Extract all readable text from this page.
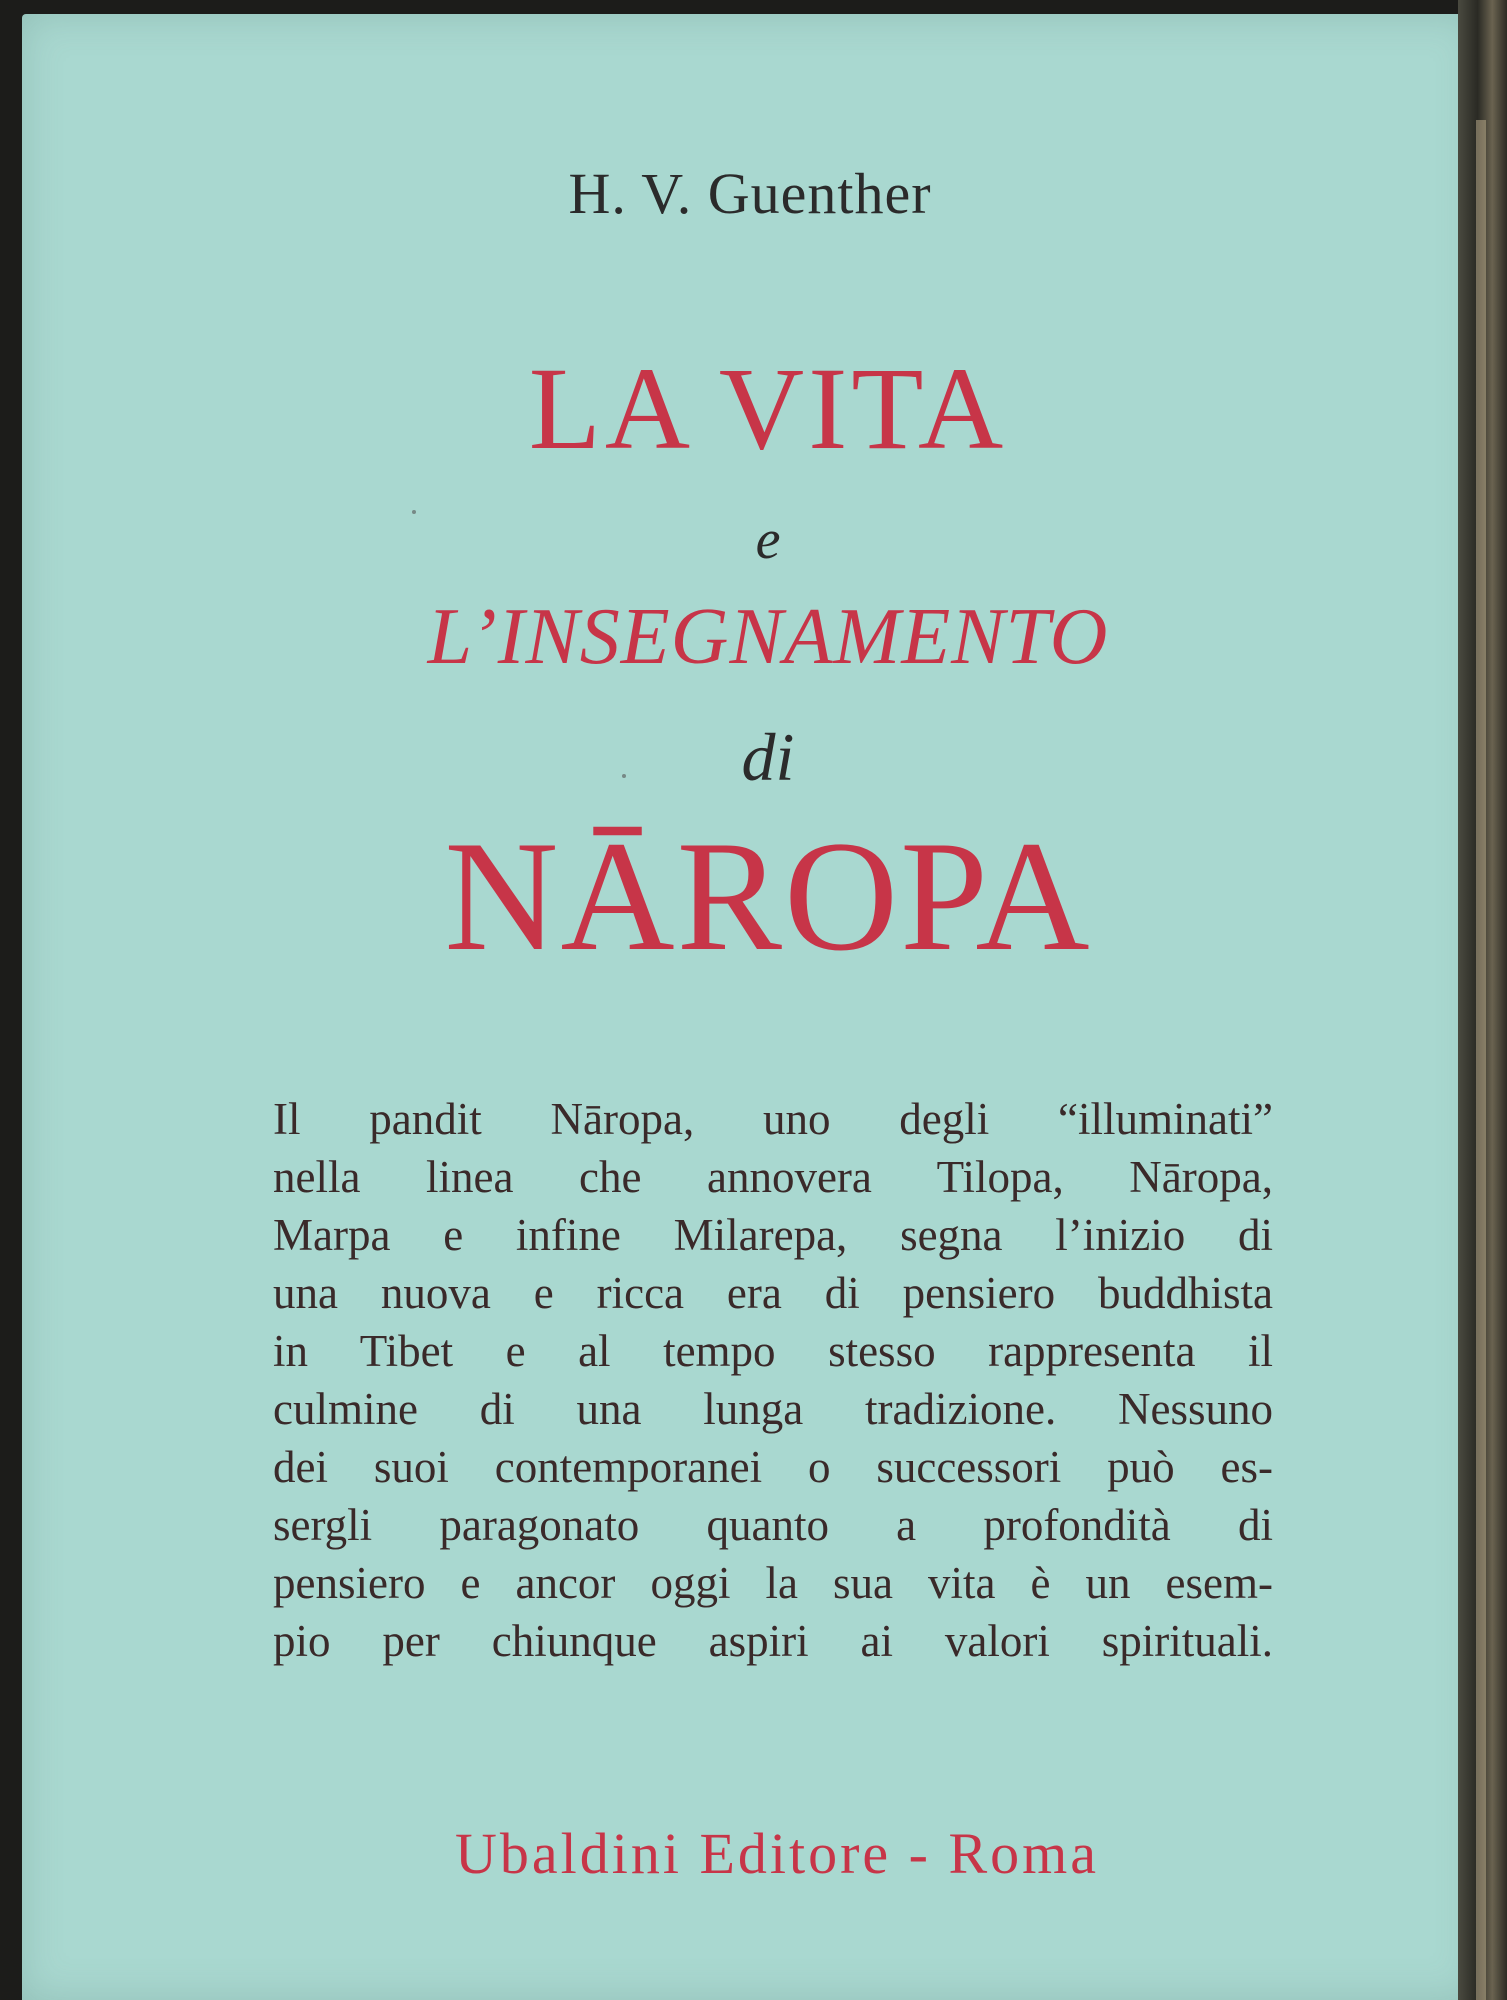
H. V. Guenther
LA VITA
e
L’INSEGNAMENTO
di
NĀROPA
Il pandit Nāropa, uno degli “illuminati”
nella linea che annovera Tilopa, Nāropa,
Marpa e infine Milarepa, segna l’inizio di
una nuova e ricca era di pensiero buddhista
in Tibet e al tempo stesso rappresenta il
culmine di una lunga tradizione. Nessuno
dei suoi contemporanei o successori può es-
sergli paragonato quanto a profondità di
pensiero e ancor oggi la sua vita è un esem-
pio per chiunque aspiri ai valori spirituali.
Ubaldini Editore - Roma
